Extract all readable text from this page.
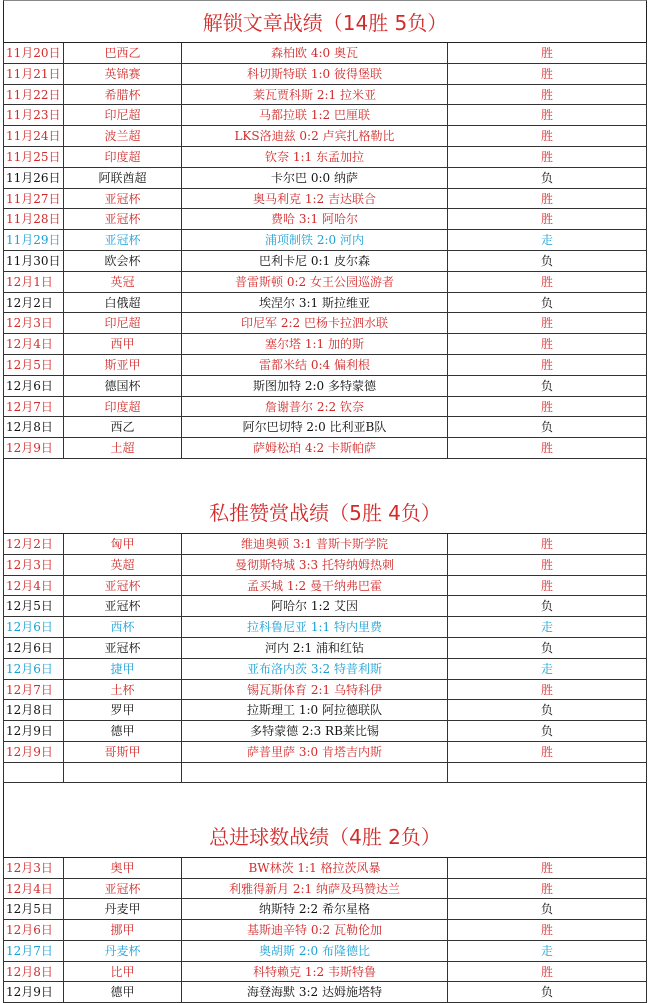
解锁文章战绩（14胜 5负）
11月20日	巴西乙	森柏欧 4:0 奥瓦	胜
11月21日	英锦赛	科切斯特联 1:0 彼得堡联	胜
11月22日	希腊杯	莱瓦贾科斯 2:1 拉米亚	胜
11月23日	印尼超	马都拉联 1:2 巴厘联	胜
11月24日	波兰超	LKS洛迪兹 0:2 卢宾扎格勒比	胜
11月25日	印度超	钦奈 1:1 东孟加拉	胜
11月26日	阿联酋超	卡尔巴 0:0 纳萨	负
11月27日	亚冠杯	奥马利克 1:2 吉达联合	胜
11月28日	亚冠杯	费哈 3:1 阿哈尔	胜
11月29日	亚冠杯	浦项制铁 2:0 河内	走
11月30日	欧会杯	巴利卡尼 0:1 皮尔森	负
12月1日	英冠	普雷斯顿 0:2 女王公园巡游者	胜
12月2日	白俄超	埃涅尔 3:1 斯拉维亚	负
12月3日	印尼超	印尼军 2:2 巴杨卡拉泗水联	胜
12月4日	西甲	塞尔塔 1:1 加的斯	胜
12月5日	斯亚甲	雷都米结 0:4 偏利根	胜
12月6日	德国杯	斯图加特 2:0 多特蒙德	负
12月7日	印度超	詹谢普尔 2:2 钦奈	胜
12月8日	西乙	阿尔巴切特 2:0 比利亚B队	负
12月9日	土超	萨姆松珀 4:2 卡斯帕萨	胜
私推赞赏战绩（5胜 4负）
12月2日	匈甲	维迪奥顿 3:1 普斯卡斯学院	胜
12月3日	英超	曼彻斯特城 3:3 托特纳姆热刺	胜
12月4日	亚冠杯	孟买城 1:2 曼干纳弗巴霍	胜
12月5日	亚冠杯	阿哈尔 1:2 艾因	负
12月6日	西杯	拉科鲁尼亚 1:1 特内里费	走
12月6日	亚冠杯	河内 2:1 浦和红钻	负
12月6日	捷甲	亚布洛内茨 3:2 特普利斯	走
12月7日	土杯	锡瓦斯体育 2:1 乌特科伊	胜
12月8日	罗甲	拉斯理工 1:0 阿拉德联队	负
12月9日	德甲	多特蒙德 2:3 RB莱比锡	负
12月9日	哥斯甲	萨普里萨 3:0 肯塔吉内斯	胜
总进球数战绩（4胜 2负）
12月3日	奥甲	BW林茨 1:1 格拉茨风暴	胜
12月4日	亚冠杯	利雅得新月 2:1 纳萨及玛赞达兰	胜
12月5日	丹麦甲	纳斯特 2:2 希尔星格	负
12月6日	挪甲	基斯迪辛特 0:2 瓦勒伦加	胜
12月7日	丹麦杯	奥胡斯 2:0 布隆德比	走
12月8日	比甲	科特赖克 1:2 韦斯特鲁	胜
12月9日	德甲	海登海默 3:2 达姆施塔特	负
